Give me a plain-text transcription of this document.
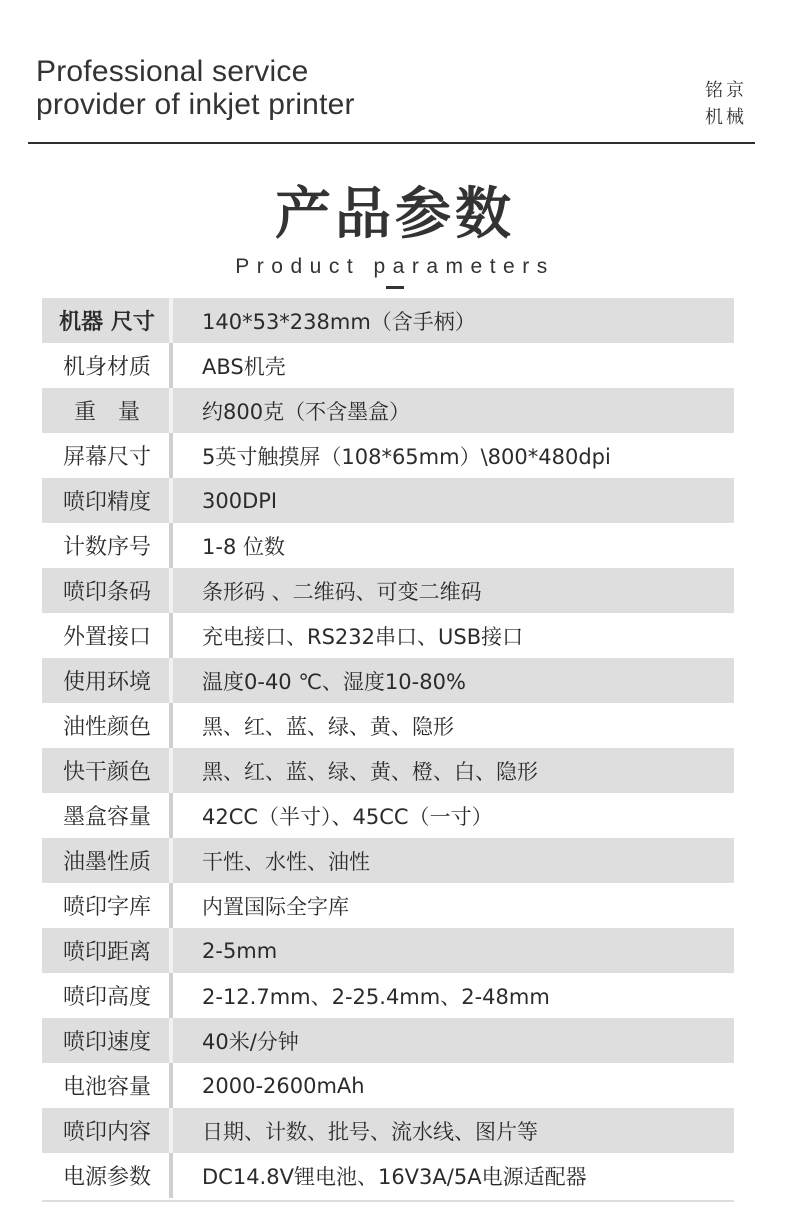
Professional service provider of inkjet printer	铭京
机械
产品参数
Product parameters
机器 尺寸	140*53*238mm（含手柄）
机身材质	ABS机壳
重　量	约800克（不含墨盒）
屏幕尺寸	5英寸触摸屏（108*65mm）\800*480dpi
喷印精度	300DPI
计数序号	1-8 位数
喷印条码	条形码 、二维码、可变二维码
外置接口	充电接口、RS232串口、USB接口
使用环境	温度0-40 ℃、湿度10-80%
油性颜色	黑、红、蓝、绿、黄、隐形
快干颜色	黑、红、蓝、绿、黄、橙、白、隐形
墨盒容量	42CC（半寸）、45CC（一寸）
油墨性质	干性、水性、油性
喷印字库	内置国际全字库
喷印距离	2-5mm
喷印高度	2-12.7mm、2-25.4mm、2-48mm
喷印速度	40米/分钟
电池容量	2000-2600mAh
喷印内容	日期、计数、批号、流水线、图片等
电源参数	DC14.8V锂电池、16V3A/5A电源适配器
